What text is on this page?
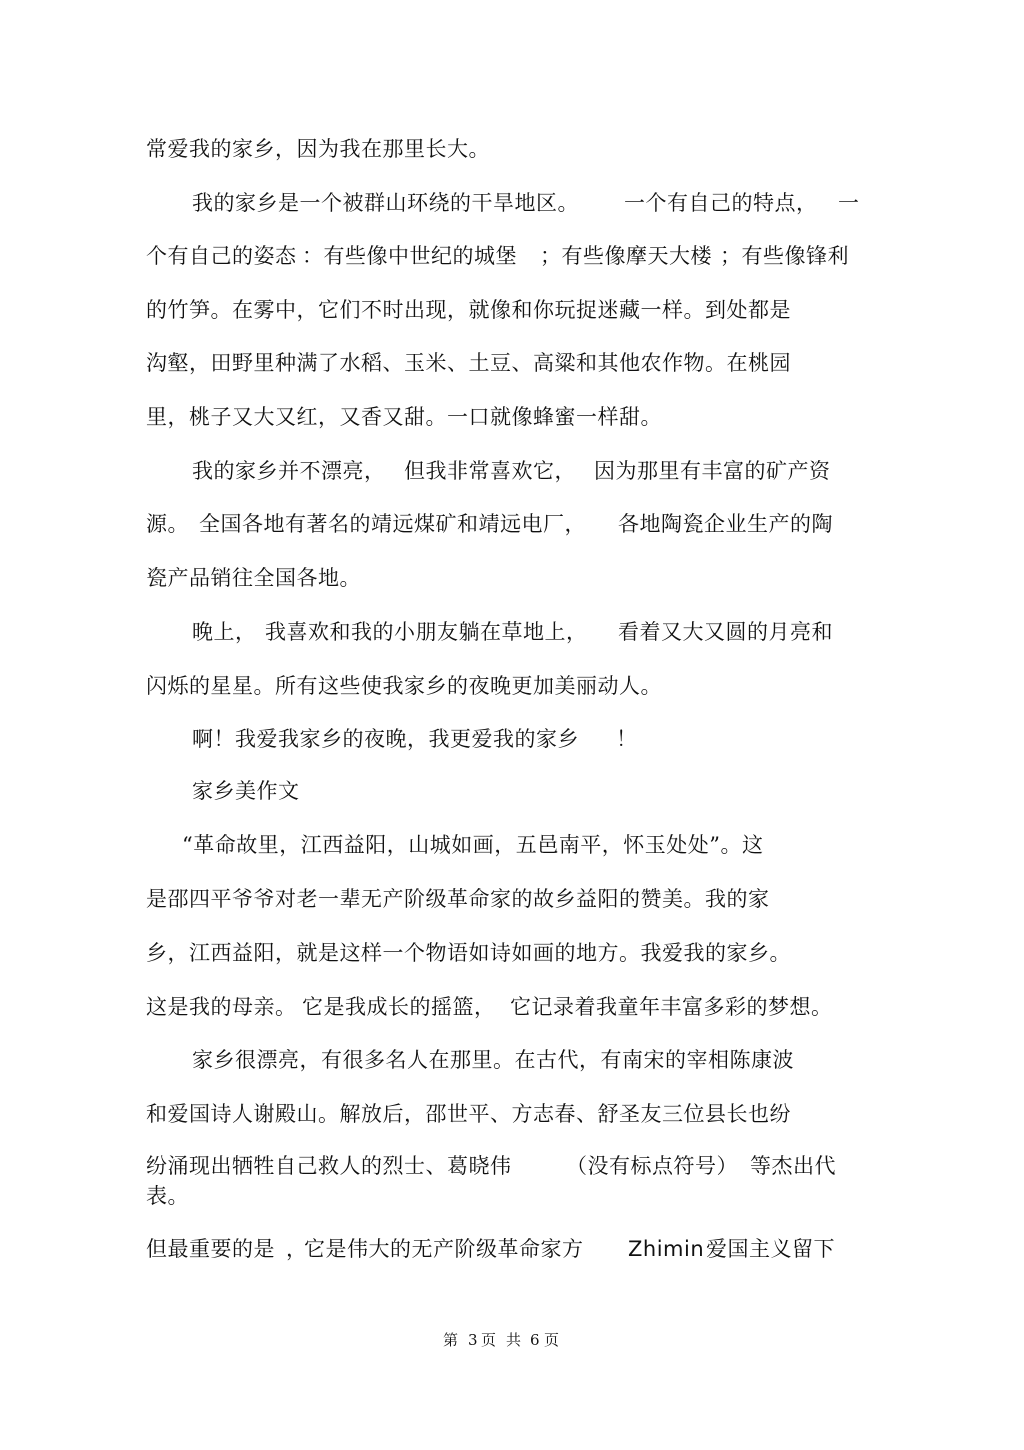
常爱我的家乡，因为我在那里长大。
我的家乡是一个被群山环绕的干旱地区。 一个有自己的特点， 一
个有自己的姿态 ：有些像中世纪的城堡 ；有些像摩天大楼 ；有些像锋利
的竹笋。在雾中，它们不时出现，就像和你玩捉迷藏一样。到处都是
沟壑，田野里种满了水稻、玉米、土豆、高粱和其他农作物。在桃园
里，桃子又大又红，又香又甜。一口就像蜂蜜一样甜。
我的家乡并不漂亮， 但我非常喜欢它， 因为那里有丰富的矿产资
源。 全国各地有著名的靖远煤矿和靖远电厂， 各地陶瓷企业生产的陶
瓷产品销往全国各地。
晚上， 我喜欢和我的小朋友躺在草地上， 看着又大又圆的月亮和
闪烁的星星。所有这些使我家乡的夜晚更加美丽动人。
啊！我爱我家乡的夜晚，我更爱我的家乡 ！
家乡美作文
“革命故里，江西益阳，山城如画，五邑南平，怀玉处处”。这
是邵四平爷爷对老一辈无产阶级革命家的故乡益阳的赞美。我的家
乡，江西益阳，就是这样一个物语如诗如画的地方。我爱我的家乡。
这是我的母亲。 它是我成长的摇篮， 它记录着我童年丰富多彩的梦想。
家乡很漂亮，有很多名人在那里。在古代，有南宋的宰相陈康波
和爱国诗人谢殿山。解放后，邵世平、方志春、舒圣友三位县长也纷
纷涌现出牺牲自己救人的烈士、葛晓伟	（没有标点符号） 等杰出代
表。
但最重要的是 ，
它是伟大的无产阶级革命家方 Zhimin 爱国主义留下
第 3 页 共 6 页
